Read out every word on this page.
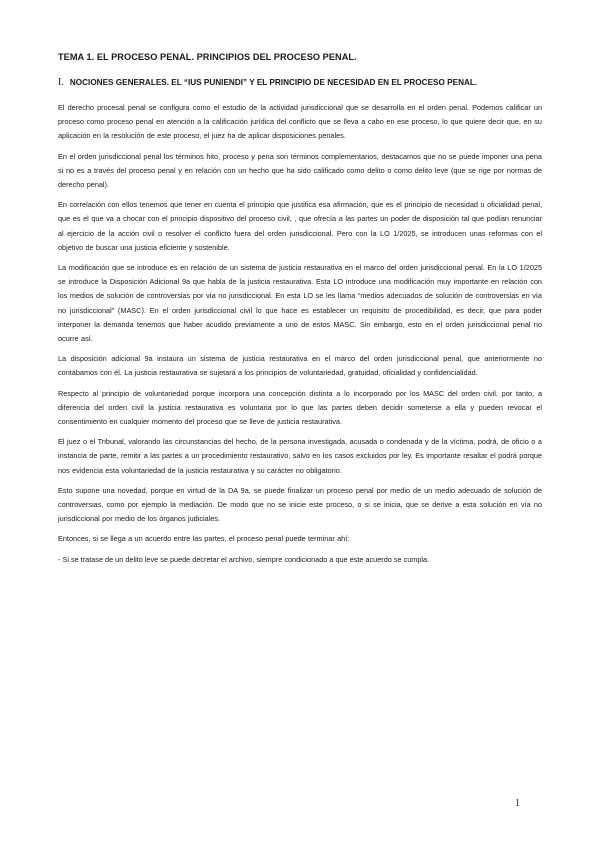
TEMA 1. EL PROCESO PENAL. PRINCIPIOS DEL PROCESO PENAL.
I. NOCIONES GENERALES. EL “IUS PUNIENDI” Y EL PRINCIPIO DE NECESIDAD EN EL PROCESO PENAL.

El derecho procesal penal se configura como el estudio de la actividad jurisdiccional que se desarrolla en el orden penal. Podemos calificar un proceso como proceso penal en atención a la calificación jurídica del conflicto que se lleva a cabo en ese proceso, lo que quiere decir que, en su aplicación en la resolución de este proceso, el juez ha de aplicar disposiciones penales.

En el orden jurisdiccional penal los términos hito, proceso y pena son términos complementarios, destacamos que no se puede imponer una pena si no es a través del proceso penal y en relación con un hecho que ha sido calificado como delito o como delito leve (que se rige por normas de derecho penal).

En correlación con ellos tenemos que tener en cuenta el principio que justifica esa afirmación, que es el principio de necesidad u oficialidad penal, que es el que va a chocar con el principio dispositivo del proceso civil, , que ofrecía a las partes un poder de disposición tal que podían renunciar al ejercicio de la acción civil o resolver el conflicto fuera del orden jurisdiccional. Pero con la LO 1/2025, se introducen unas reformas con el objetivo de buscar una justicia eficiente y sostenible.

La modificación que se introduce es en relación de un sistema de justicia restaurativa en el marco del orden jurisdiccional penal. En la LO 1/2025 se introduce la Disposición Adicional 9a que habla de la justicia restaurativa. Esta LO introduce una modificación muy importante en relación con los medios de solución de controversias por vía no jurisdiccional. En esta LO se les llama “medios adecuados de solución de controversias en vía no jurisdiccional” (MASC). En el orden jurisdiccional civil lo que hace es establecer un requisito de procedibilidad, es decir, que para poder interponer la demanda tenemos que haber acudido previamente a uno de estos MASC. Sin embargo, esto en el orden jurisdiccional penal no ocurre así.

La disposición adicional 9a instaura un sistema de justicia restaurativa en el marco del orden jurisdiccional penal, que anteriormente no contábamos con él. La justicia restaurativa se sujetará a los principios de voluntariedad, gratuidad, oficialidad y confidencialidad.

Respecto al principio de voluntariedad porque incorpora una concepción distinta a lo incorporado por los MASC del orden civil. por tanto, a diferencia del orden civil la justicia restaurativa es voluntaria por lo que las partes deben decidir someterse a ella y pueden revocar el consentimiento en cualquier momento del proceso que se lleve de justicia restaurativa.

El juez o el Tribunal, valorando las circunstancias del hecho, de la persona investigada, acusada o condenada y de la víctima, podrá, de oficio o a instancia de parte, remitir a las partes a un procedimiento restaurativo, salvo en los casos excluidos por ley. Es importante resaltar el podrá porque nos evidencia esta voluntariedad de la justicia restaurativa y su carácter no obligatorio.

Esto supone una novedad, porque en virtud de la DA 9a, se puede finalizar un proceso penal por medio de un medio adecuado de solución de controversias, como por ejemplo la mediación. De modo que no se inicie este proceso, o si se inicia, que se derive a esta solución en vía no jurisdiccional por medio de los órganos judiciales.

Entonces, si se llega a un acuerdo entre las partes, el proceso penal puede terminar ahí:

- Si se tratase de un delito leve se puede decretar el archivo, siempre condicionado a que este acuerdo se cumpla.

1
